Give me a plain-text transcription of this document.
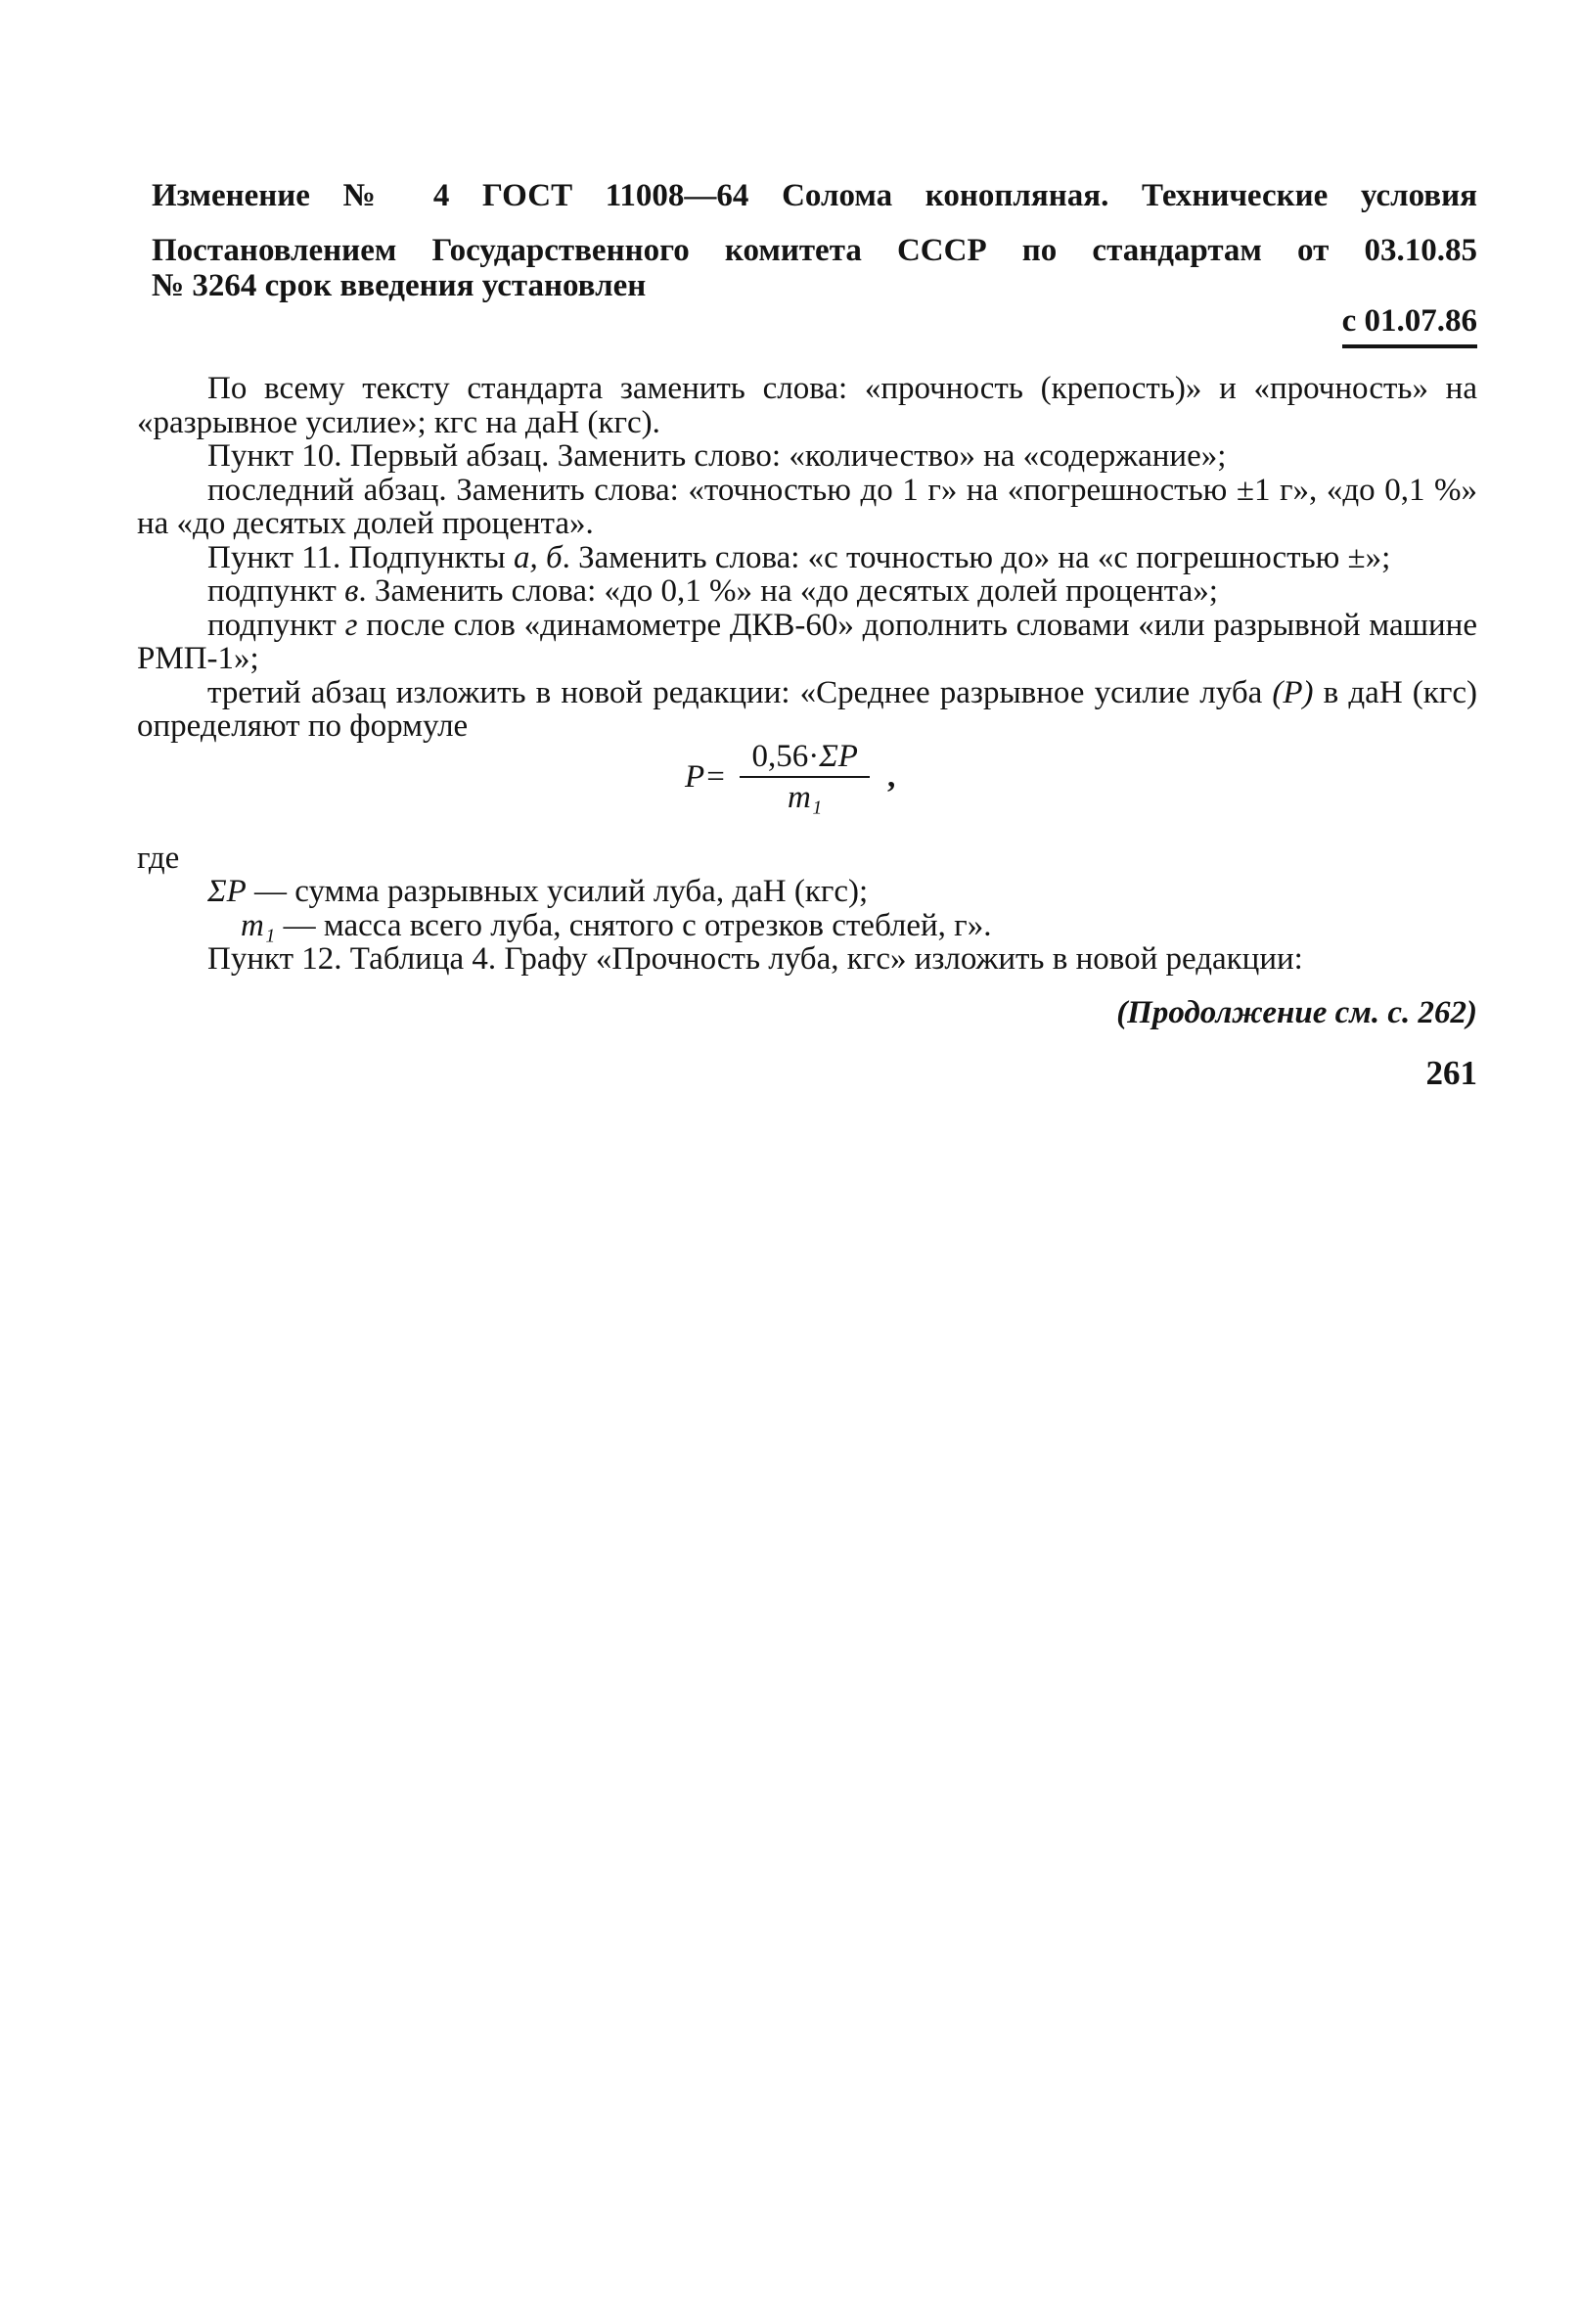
Изменение № 4 ГОСТ 11008—64 Солома конопляная. Технические условия
Постановлением Государственного комитета СССР по стандартам от 03.10.85
№ 3264 срок введения установлен
с 01.07.86

По всему тексту стандарта заменить слова: «прочность (крепость)» и «прочность» на «разрывное усилие»; кгс на даН (кгс).

Пункт 10. Первый абзац. Заменить слово: «количество» на «содержание»;

последний абзац. Заменить слова: «точностью до 1 г» на «погрешностью ±1 г», «до 0,1 %» на «до десятых долей процента».

Пункт 11. Подпункты а, б. Заменить слова: «с точностью до» на «с погрешностью ±»;

подпункт в. Заменить слова: «до 0,1 %» на «до десятых долей процента»;

подпункт г после слов «динамометре ДКВ-60» дополнить словами «или разрывной машине РМП-1»;

третий абзац изложить в новой редакции: «Среднее разрывное усилие луба (P) в даН (кгс) определяют по формуле

$P= \frac{0,56\cdot\Sigma P}{\text{m₁}}$ ,

где

ΣP — сумма разрывных усилий луба, даН (кгс);

m₁ — масса всего луба, снятого с отрезков стеблей, г».

Пункт 12. Таблица 4. Графу «Прочность луба, кгс» изложить в новой редакции:

(Продолжение см. с. 262)
261
